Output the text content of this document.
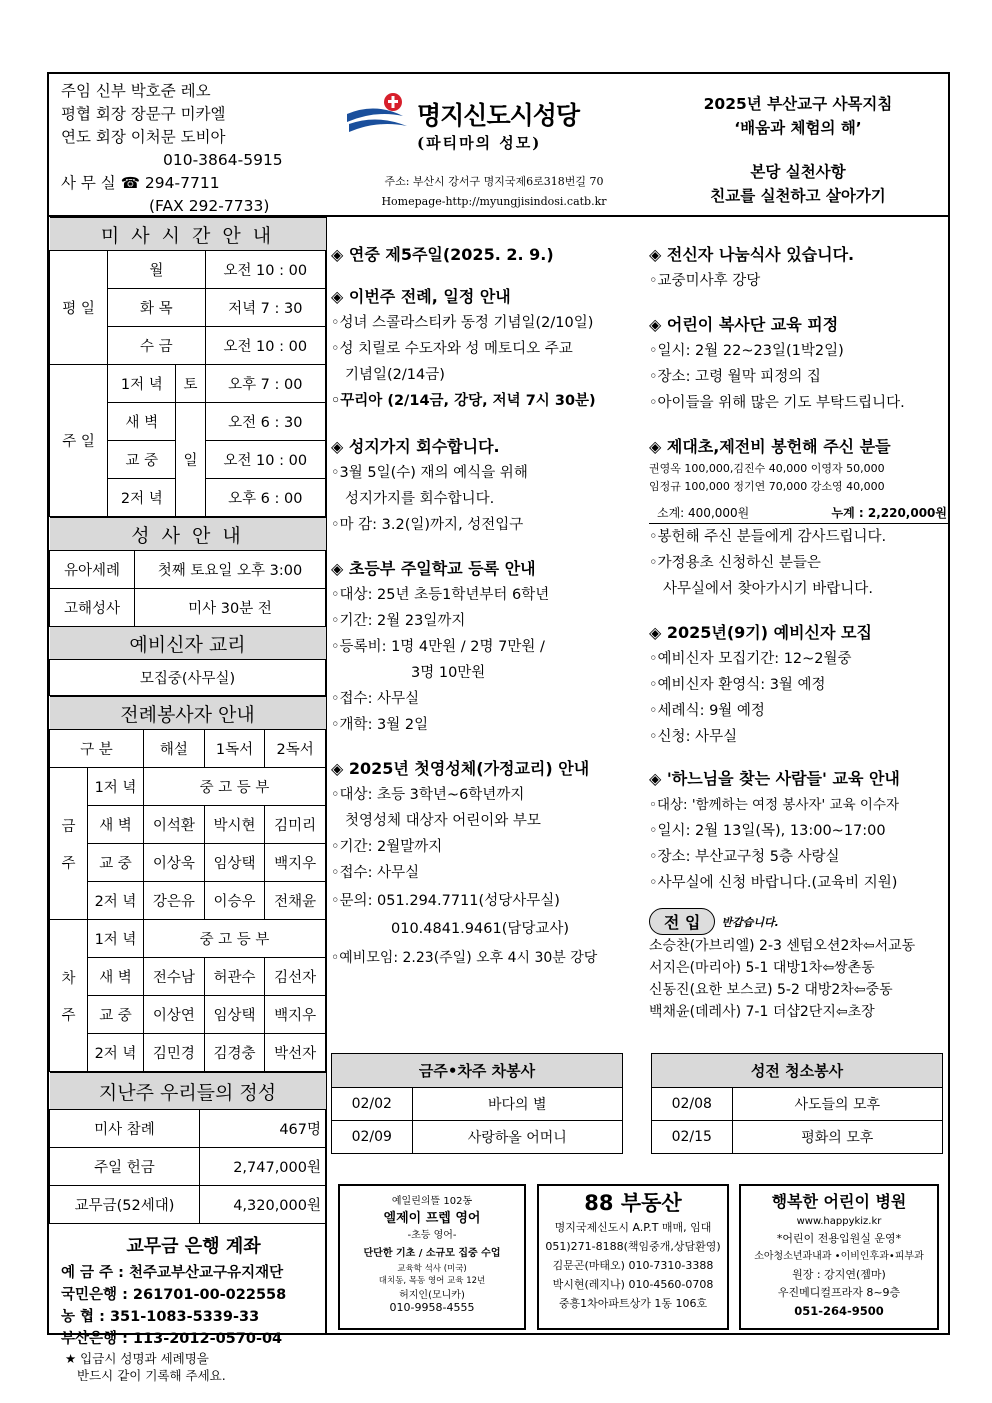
주임 신부 박호준 레오
평협 회장 장문구 미카엘
연도 회장 이처문 도비아
010-3864-5915
사 무 실 ☎ 294-7711
(FAX 292-7733)
명지신도시성당
(파티마의 성모)
주소: 부산시 강서구 명지국제6로318번길 70
Homepage-http://myungjisindosi.catb.kr
2025년 부산교구 사목지침
‘배움과 체험의 해’
본당 실천사항
친교를 실천하고 살아가기
미 사 시 간 안 내			
평 일	월		오전 10 : 00
	화 목		저녁 7 : 30
	수 금		오전 10 : 00
주 일	1저 녁	토	오후 7 : 00
	새 벽	일	오전 6 : 30
	교 중		오전 10 : 00
	2저 녁		오후 6 : 00
성 사 안 내	
유아세례	첫째 토요일 오후 3:00
고해성사	미사 30분 전
예비신자 교리	
모집중(사무실)	
전례봉사자 안내				
구 분		해설	1독서	2독서
금

주	1저 녁	중 고 등 부		
	새 벽	이석환	박시현	김미리
	교 중	이상욱	임상택	백지우
	2저 녁	강은유	이승우	전채윤
차

주	1저 녁	중 고 등 부		
	새 벽	전수남	허관수	김선자
	교 중	이상연	임상택	백지우
	2저 녁	김민경	김경충	박선자
지난주 우리들의 정성	
미사 참례	467명
주일 헌금	2,747,000원
교무금(52세대)	4,320,000원
교무금 은행 계좌
예 금 주 : 천주교부산교구유지재단
국민은행 : 261701-00-022558
농 협 : 351-1083-5339-33
부산은행 : 113-2012-0570-04
★ 입금시 성명과 세례명을
반드시 같이 기록해 주세요.
◈ 연중 제5주일(2025. 2. 9.)
◈ 이번주 전례, 일정 안내
◦성녀 스콜라스티카 동정 기념일(2/10일)
◦성 치릴로 수도자와 성 메토디오 주교
기념일(2/14금)
◦꾸리아 (2/14금, 강당, 저녁 7시 30분)
◈ 성지가지 회수합니다.
◦3월 5일(수) 재의 예식을 위해
성지가지를 회수합니다.
◦마 감: 3.2(일)까지, 성전입구
◈ 초등부 주일학교 등록 안내
◦대상: 25년 초등1학년부터 6학년
◦기간: 2월 23일까지
◦등록비: 1명 4만원 / 2명 7만원 /
3명 10만원
◦접수: 사무실
◦개학: 3월 2일
◈ 2025년 첫영성체(가정교리) 안내
◦대상: 초등 3학년~6학년까지
첫영성체 대상자 어린이와 부모
◦기간: 2월말까지
◦접수: 사무실
◦문의: 051.294.7711(성당사무실)
010.4841.9461(담당교사)
◦예비모임: 2.23(주일) 오후 4시 30분 강당
◈ 전신자 나눔식사 있습니다.
◦교중미사후 강당
◈ 어린이 복사단 교육 피정
◦일시: 2월 22~23일(1박2일)
◦장소: 고령 월막 피정의 집
◦아이들을 위해 많은 기도 부탁드립니다.
◈ 제대초,제전비 봉헌해 주신 분들
권영옥 100,000,김진수 40,000 이영자 50,000
임정규 100,000 정기연 70,000 강소영 40,000
소계: 400,000원	누계 : 2,220,000원
◦봉헌해 주신 분들에게 감사드립니다.
◦가정용초 신청하신 분들은
사무실에서 찾아가시기 바랍니다.
◈ 2025년(9기) 예비신자 모집
◦예비신자 모집기간: 12~2월중
◦예비신자 환영식: 3월 예정
◦세례식: 9월 예정
◦신청: 사무실
◈ '하느님을 찾는 사람들' 교육 안내
◦대상: '함께하는 여정 봉사자' 교육 이수자
◦일시: 2월 13일(목), 13:00~17:00
◦장소: 부산교구청 5층 사랑실
◦사무실에 신청 바랍니다.(교육비 지원)
전 입	반갑습니다.
소승찬(가브리엘) 2-3 센텀오션2차⇦서교동
서지은(마리아) 5-1 대방1차⇦쌍촌동
신동진(요한 보스코) 5-2 대방2차⇦중동
백채윤(데레사) 7-1 더샵2단지⇦초장
금주•차주 차봉사	
02/02	바다의 별
02/09	사랑하올 어머니
성전 청소봉사	
02/08	사도들의 모후
02/15	평화의 모후
예일린의뜰 102동
엘제이 프렙 영어
-초등 영어-
단단한 기초 / 소규모 집중 수업
교육학 석사 (미국)
대치동, 목동 영어 교육 12년
허지인(모니카)
010-9958-4555
88 부동산
명지국제신도시 A.P.T 매매, 임대
051)271-8188(책임중개,상담환영)
김문곤(마태오) 010-7310-3388
박시현(레지나) 010-4560-0708
중흥1차아파트상가 1동 106호
행복한 어린이 병원
www.happykiz.kr
*어린이 전용입원실 운영*
소아청소년과내과 •이비인후과•피부과
원장 : 강지연(젬마)
우진메디컬프라자 8~9층
051-264-9500
